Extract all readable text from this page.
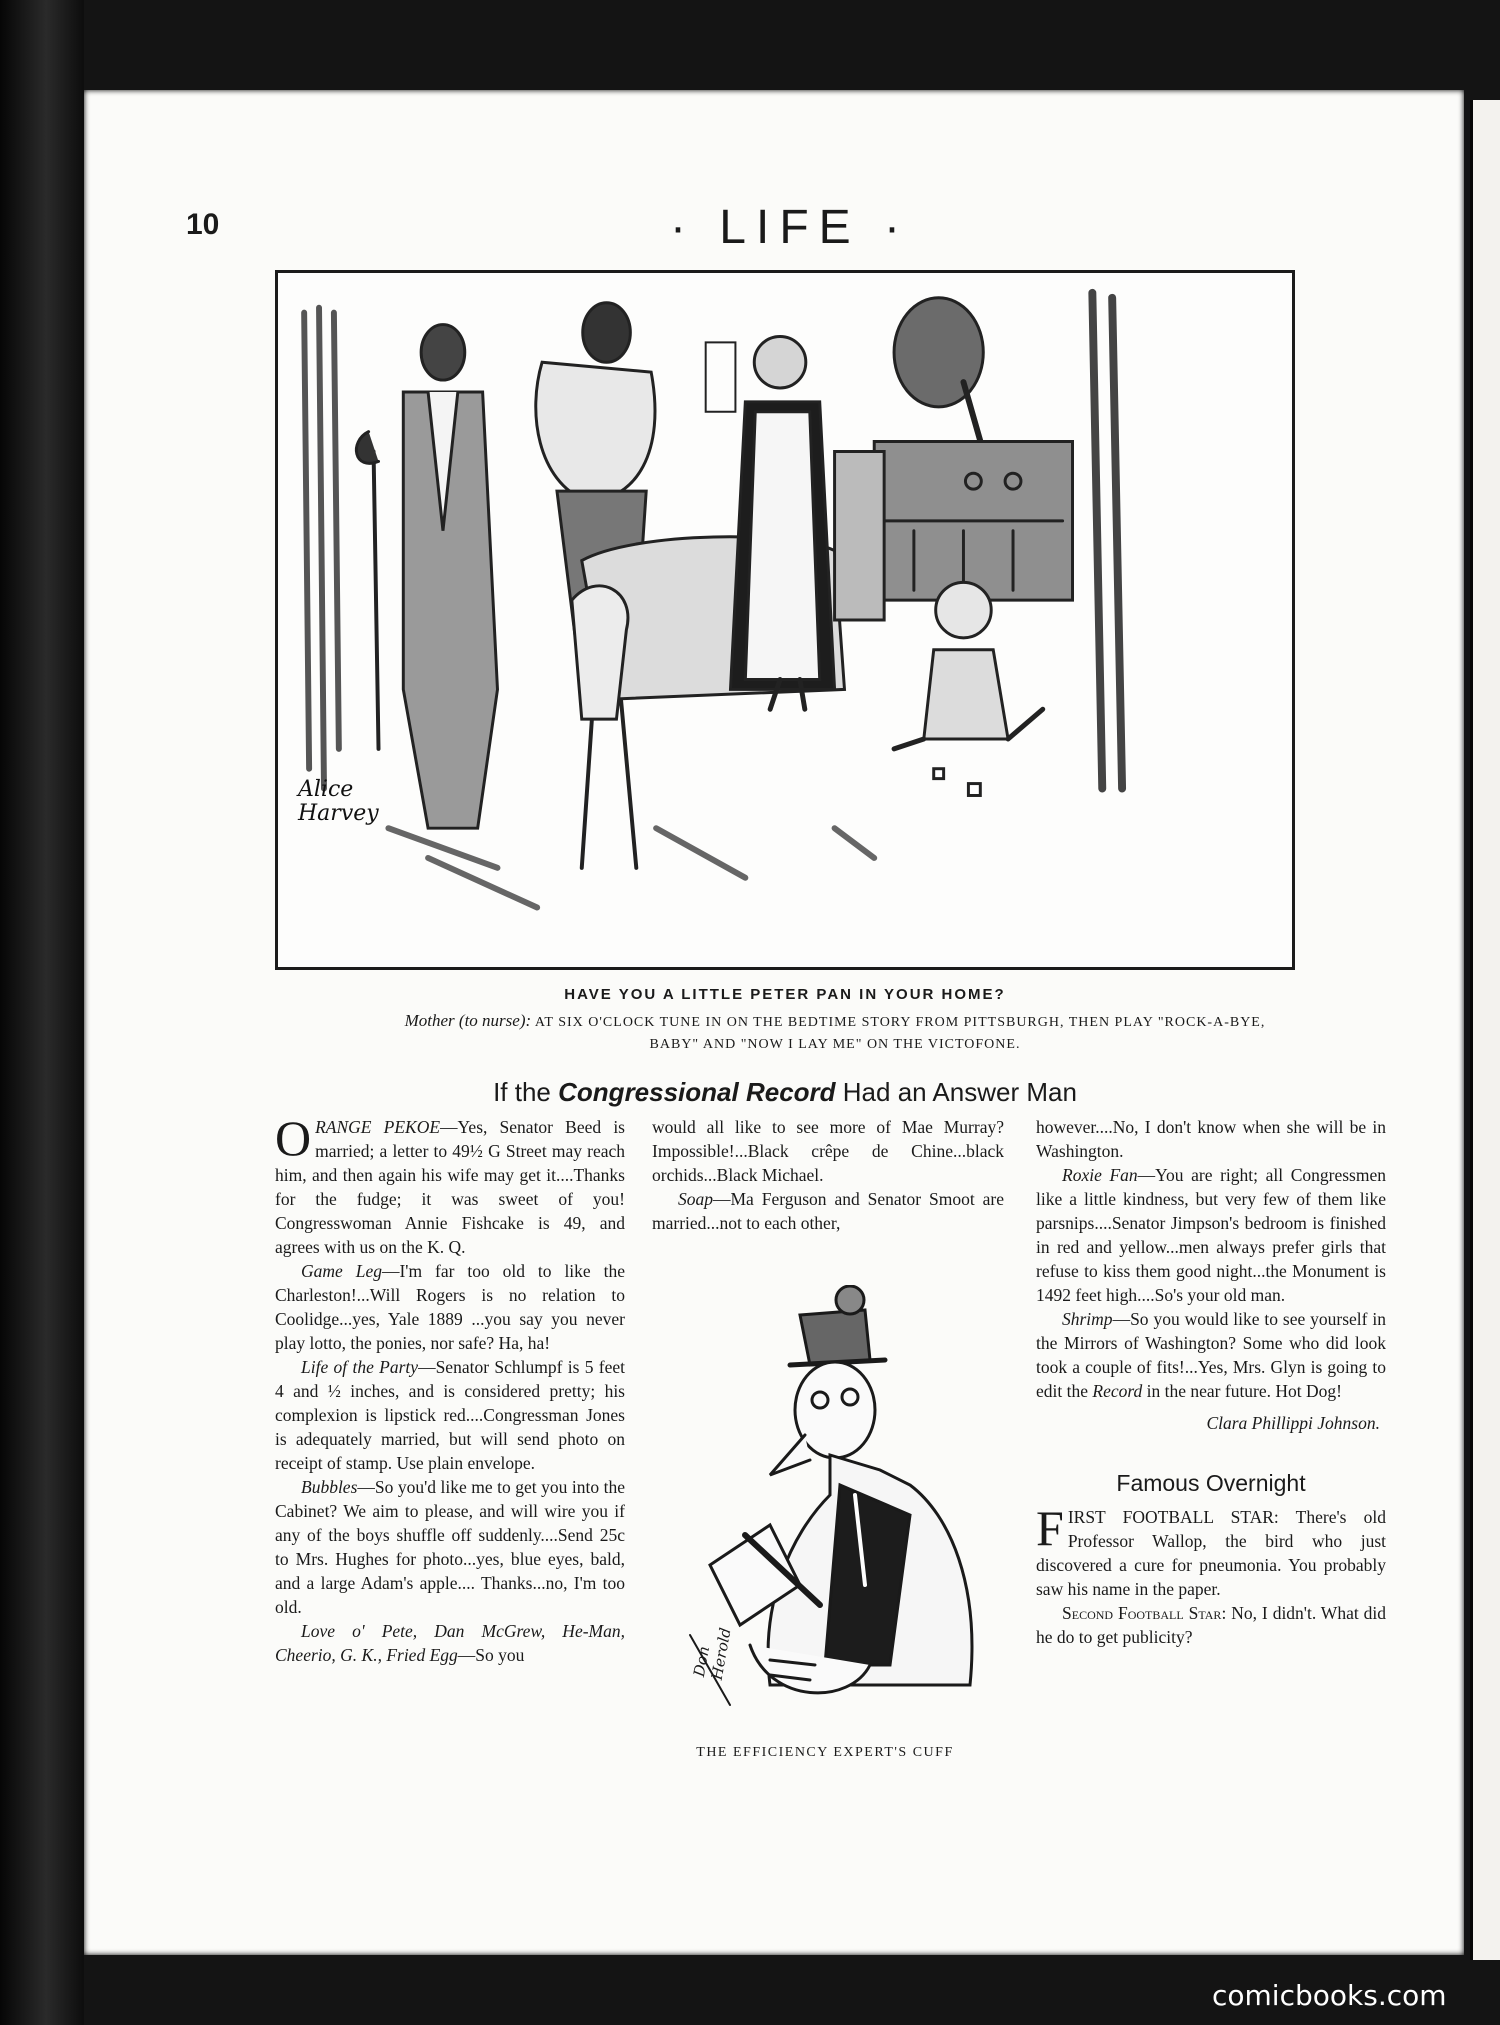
10	· LIFE ·
Alice
Harvey
HAVE YOU A LITTLE PETER PAN IN YOUR HOME?
Mother (to nurse): AT SIX O'CLOCK TUNE IN ON THE BEDTIME STORY FROM PITTSBURGH, THEN PLAY "ROCK-A-BYE, BABY" AND "NOW I LAY ME" ON THE VICTOFONE.
If the Congressional Record Had an Answer Man

ORANGE PEKOE—Yes, Senator Beed is married; a letter to 49½ G Street may reach him, and then again his wife may get it....Thanks for the fudge; it was sweet of you! Congresswoman Annie Fishcake is 49, and agrees with us on the K. Q.

Game Leg—I'm far too old to like the Charleston!...Will Rogers is no relation to Coolidge...yes, Yale 1889 ...you say you never play lotto, the ponies, nor safe? Ha, ha!

Life of the Party—Senator Schlumpf is 5 feet 4 and ½ inches, and is considered pretty; his complexion is lipstick red....Congressman Jones is adequately married, but will send photo on receipt of stamp. Use plain envelope.

Bubbles—So you'd like me to get you into the Cabinet? We aim to please, and will wire you if any of the boys shuffle off suddenly....Send 25c to Mrs. Hughes for photo...yes, blue eyes, bald, and a large Adam's apple.... Thanks...no, I'm too old.

Love o' Pete, Dan McGrew, He-Man, Cheerio, G. K., Fried Egg—So you

would all like to see more of Mae Murray? Impossible!...Black crêpe de Chine...black orchids...Black Michael.

Soap—Ma Ferguson and Senator Smoot are married...not to each other,

THE EFFICIENCY EXPERT'S CUFF
Don Herold

however....No, I don't know when she will be in Washington.

Roxie Fan—You are right; all Congressmen like a little kindness, but very few of them like parsnips....Senator Jimpson's bedroom is finished in red and yellow...men always prefer girls that refuse to kiss them good night...the Monument is 1492 feet high....So's your old man.

Shrimp—So you would like to see yourself in the Mirrors of Washington? Some who did look took a couple of fits!...Yes, Mrs. Glyn is going to edit the Record in the near future. Hot Dog!

Clara Phillippi Johnson.
Famous Overnight

FIRST FOOTBALL STAR: There's old Professor Wallop, the bird who just discovered a cure for pneumonia. You probably saw his name in the paper.

Second Football Star: No, I didn't. What did he do to get publicity?

comicbooks.com
